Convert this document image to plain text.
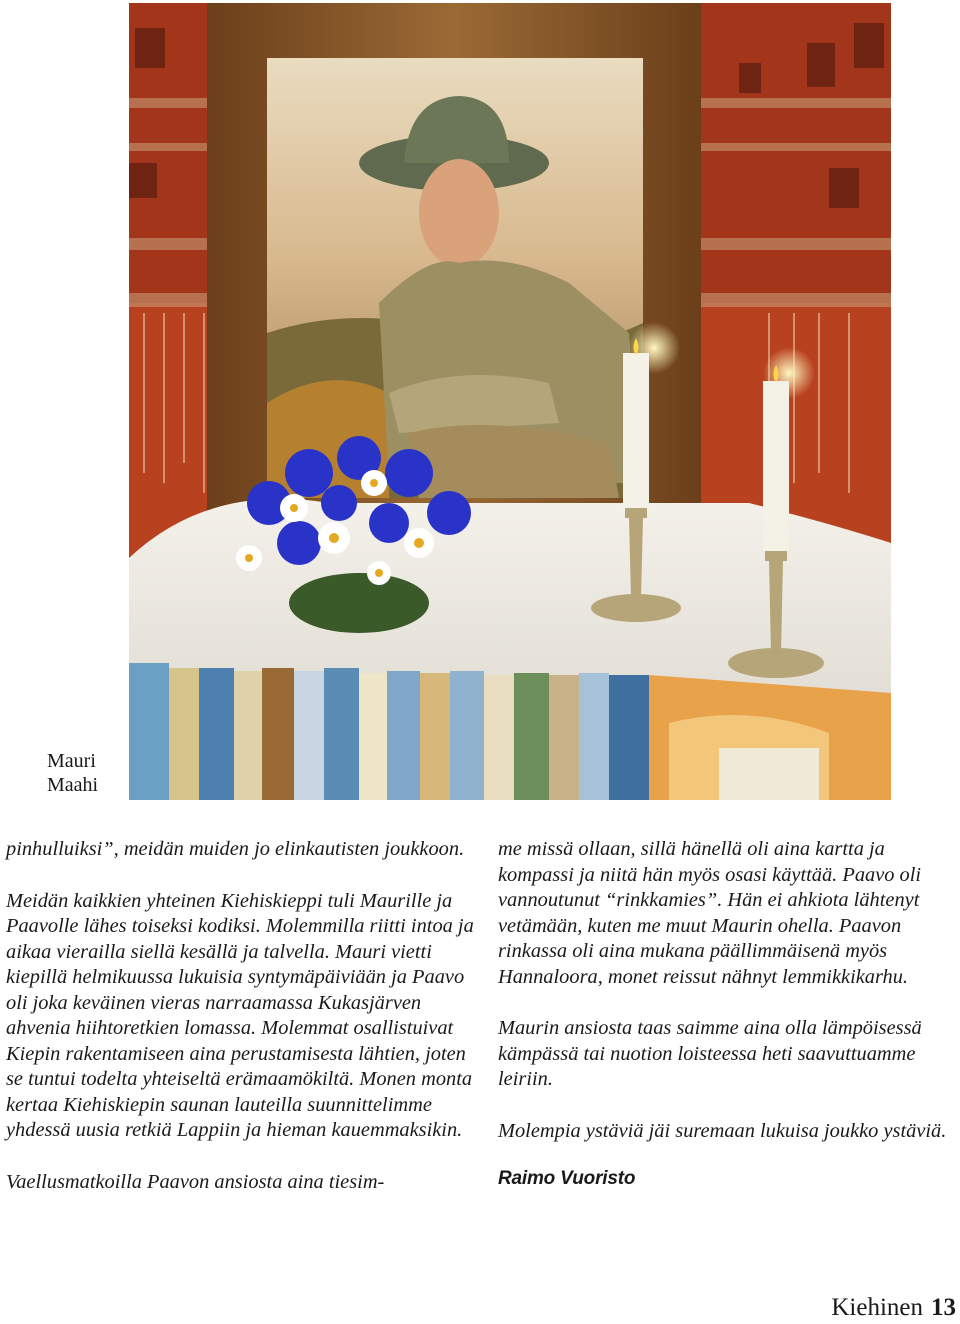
Mauri
Maahi

pinhulluiksi”, meidän muiden jo elinkautisten joukkoon.

Meidän kaikkien yhteinen Kiehiskieppi tuli Maurille ja Paavolle lähes toiseksi kodiksi. Molemmilla riitti intoa ja aikaa vierailla siellä kesällä ja talvella. Mauri vietti kiepillä helmikuussa lukuisia syntymäpäiviään ja Paavo oli joka keväinen vieras narraamassa Kukasjärven ahvenia hiihtoretkien lomassa. Molemmat osallistuivat Kiepin rakentamiseen aina perustamisesta lähtien, joten se tuntui todelta yhteiseltä erämaamökiltä. Monen monta kertaa Kiehiskiepin saunan lauteilla suunnittelimme yhdessä uusia retkiä Lappiin ja hieman kauemmaksikin.

Vaellusmatkoilla Paavon ansiosta aina tiesim-

me missä ollaan, sillä hänellä oli aina kartta ja kompassi ja niitä hän myös osasi käyttää. Paavo oli vannoutunut “rinkkamies”. Hän ei ahkiota lähtenyt vetämään, kuten me muut Maurin ohella. Paavon rinkassa oli aina mukana päällimmäisenä myös Hannaloora, monet reissut nähnyt lemmikkikarhu.

Maurin ansiosta taas saimme aina olla lämpöisessä kämpässä tai nuotion loisteessa heti saavuttuamme leiriin.

Molempia ystäviä jäi suremaan lukuisa joukko ystäviä.

Raimo Vuoristo
Kiehinen 13
